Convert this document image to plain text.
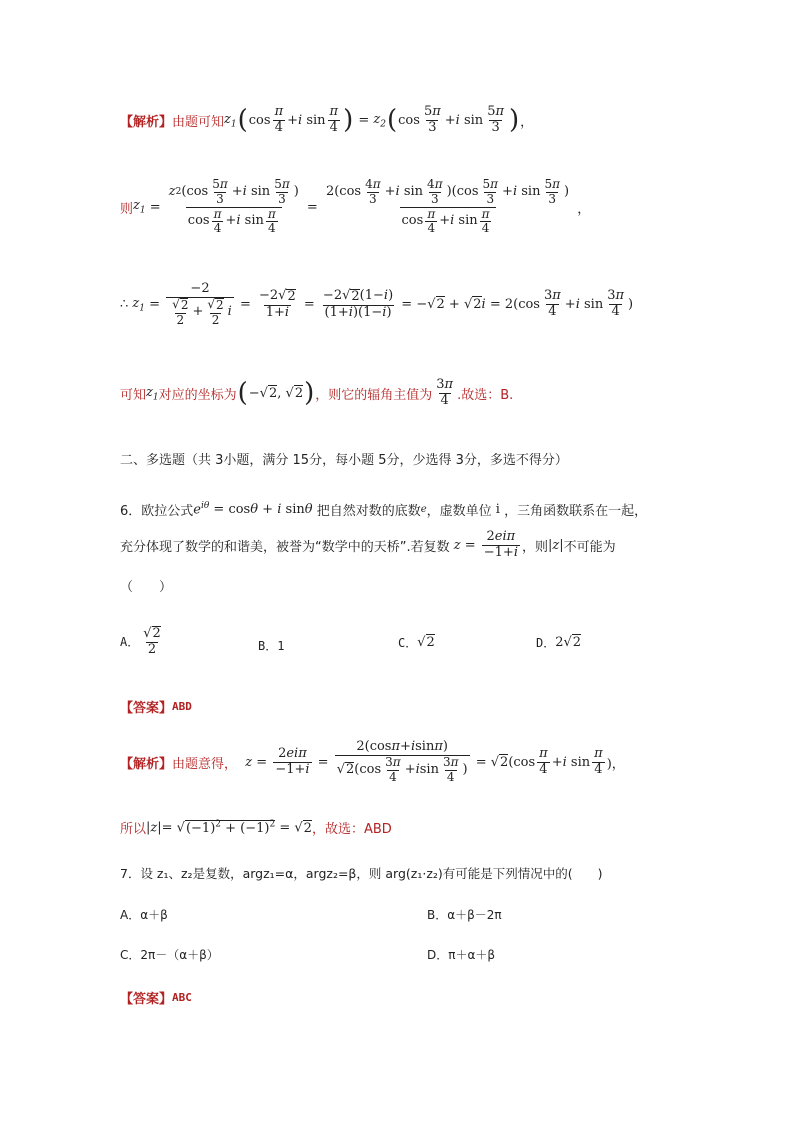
【解析】 由题可知 $z_1$ ( $\cos \frac{\pi}{4} + i$ $\sin \frac{\pi}{4}$ ) = $z_2$ ( $\cos \frac{5 \pi}{3} + i$ $\sin \frac{5 \pi}{3}$ ) ，
则 $z_1 = \frac{z 2 (\cos \frac{5 \pi}{3} + i \sin \frac{5 \pi}{3} )}{\cos \frac{\pi}{4} + i \sin \frac{\pi}{4}} = \frac{2(\cos \frac{4 \pi}{3} + i \sin \frac{4 \pi}{3} )(\cos \frac{5 \pi}{3} + i \sin \frac{5 \pi}{3} )}{\cos \frac{\pi}{4} + i \sin \frac{\pi}{4}}$ ，
∴ $z_1 = \frac{-2}{\frac{√ 2}{2} + \frac{√ 2}{2} i} = \frac{-2√ 2}{1+ i} = \frac{-2√ 2 (1- i )}{(1+ i )(1- i )} = -√2 + √2i = 2(\cos \frac{3 \pi}{4} +i$ $\sin \frac{3 \pi}{4}$ )
可知 $z_1$ 对应的坐标为 ( −√2, √2 ) ，则它的辐角主值为 $\frac{3 \pi}{4}$ .故选：B.
二、多选题（共 3小题，满分 15分，每小题 5分，少选得 3分，多选不得分）
6．欧拉公式 $e^{i\theta} = \cos\theta + i$ sinθ 把自然对数的底数 e ，虚数单位 i ，三角函数联系在一起，
充分体现了数学的和谐美，被誉为“数学中的天桥”.若复数 $z = \frac{\text{2 eiπ}}{-1+ i}$ ，则 |z| 不可能为
（　　）
A． $\frac{√ 2}{2}$	B．1	C． √2	D． 2√2
【答案】 ABD
【解析】 由题意得， $z = \frac{\text{2 eiπ}}{-1+ i} = \frac{\text{2(cos π + i sin π )}}{√ 2 (\cos \frac{3 \pi}{4} + i \sin \frac{3 \pi}{4} )} = √2(\cos \frac{\pi}{4} +i$ $\sin \frac{\pi}{4}$ )，
所以 $|z|= √(-1)^2 + (-1)^2 = √2$ ，故选：ABD
7．设 z₁、z₂是复数，argz₁=α，argz₂=β，则 arg(z₁·z₂)有可能是下列情况中的(　　)
A．α＋β	B．α＋β－2π
C．2π－（α＋β）	D．π＋α＋β
【答案】 ABC
